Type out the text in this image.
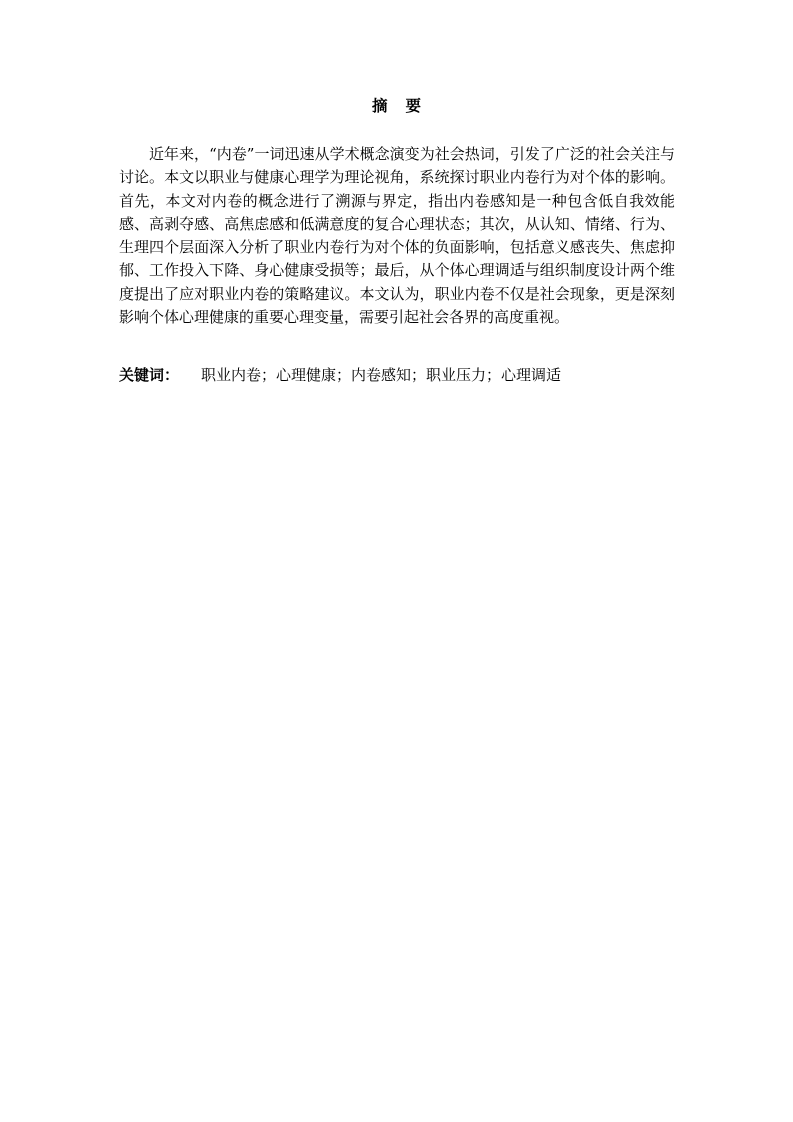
摘 要

近年来，“内卷”一词迅速从学术概念演变为社会热词，引发了广泛的社会关注与讨论。本文以职业与健康心理学为理论视角，系统探讨职业内卷行为对个体的影响。首先，本文对内卷的概念进行了溯源与界定，指出内卷感知是一种包含低自我效能感、高剥夺感、高焦虑感和低满意度的复合心理状态；其次，从认知、情绪、行为、生理四个层面深入分析了职业内卷行为对个体的负面影响，包括意义感丧失、焦虑抑郁、工作投入下降、身心健康受损等；最后，从个体心理调适与组织制度设计两个维度提出了应对职业内卷的策略建议。本文认为，职业内卷不仅是社会现象，更是深刻影响个体心理健康的重要心理变量，需要引起社会各界的高度重视。

关键词： 职业内卷；心理健康；内卷感知；职业压力；心理调适
